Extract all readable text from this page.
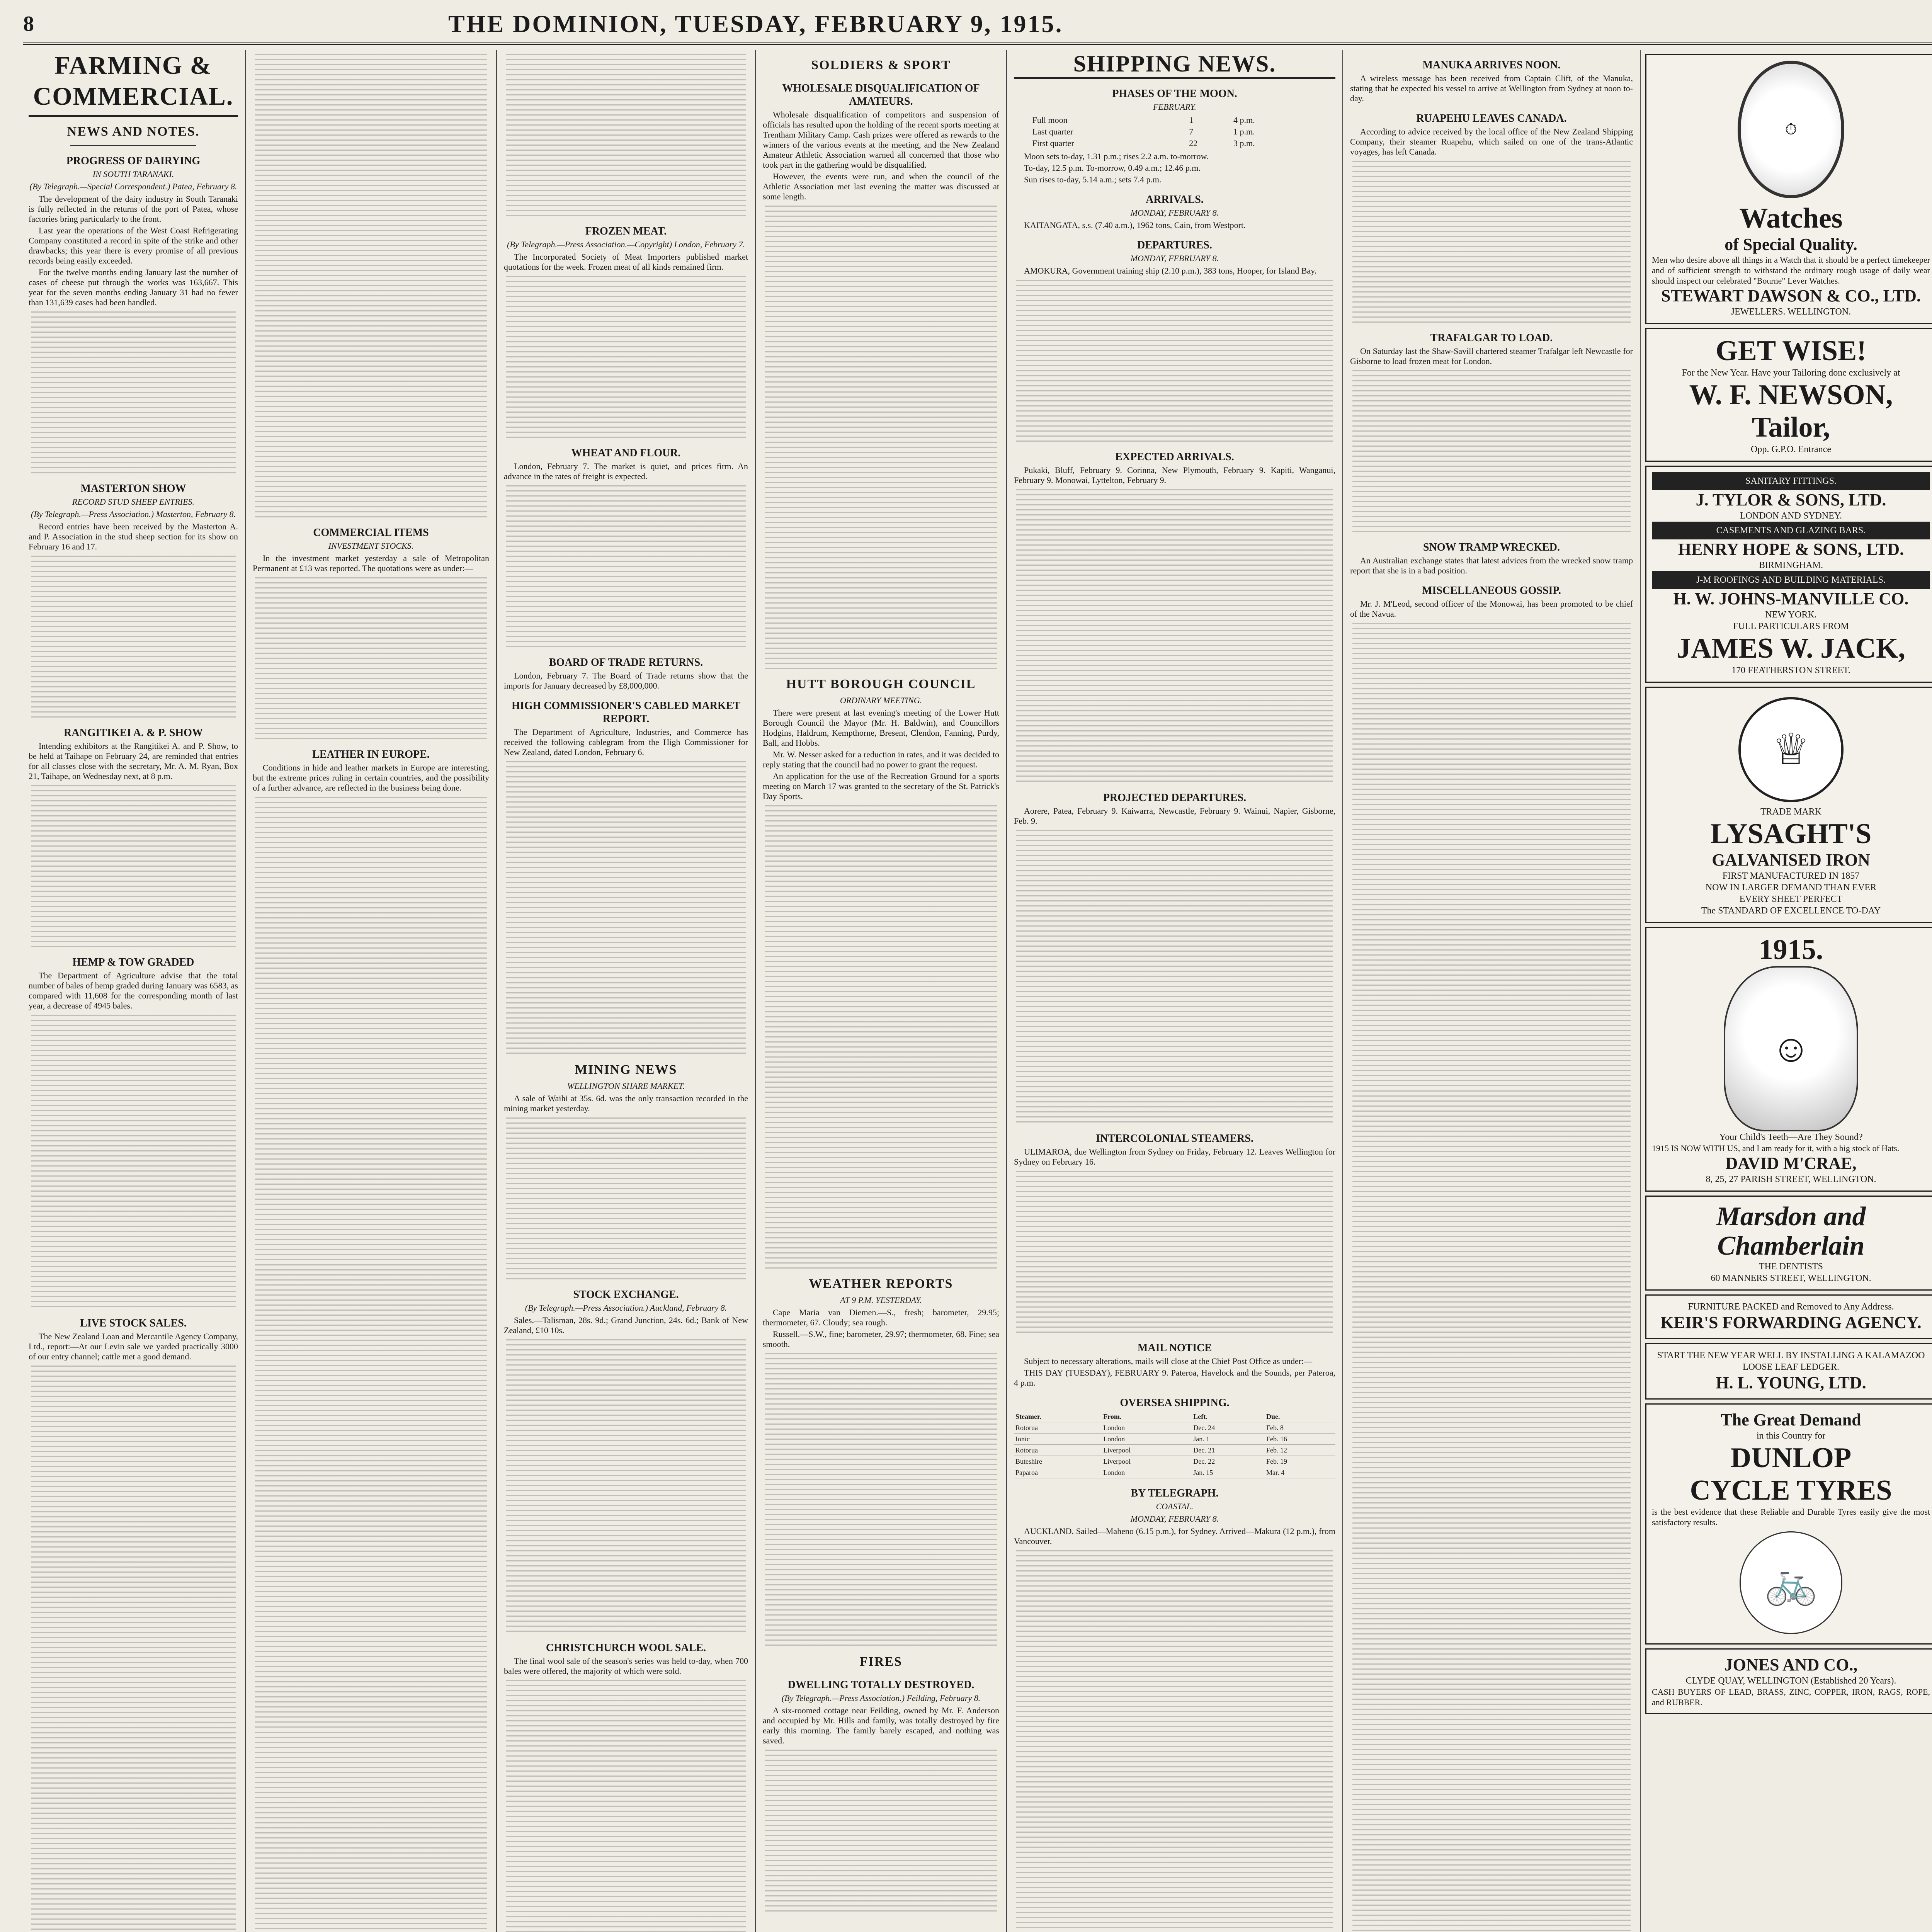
8	THE DOMINION, TUESDAY, FEBRUARY 9, 1915.
FARMING & COMMERCIAL.
NEWS AND NOTES.
PROGRESS OF DAIRYING
IN SOUTH TARANAKI.
(By Telegraph.—Special Correspondent.) Patea, February 8.

The development of the dairy industry in South Taranaki is fully reflected in the returns of the port of Patea, whose factories bring particularly to the front.

Last year the operations of the West Coast Refrigerating Company constituted a record in spite of the strike and other drawbacks; this year there is every promise of all previous records being easily exceeded.

For the twelve months ending January last the number of cases of cheese put through the works was 163,667. This year for the seven months ending January 31 had no fewer than 131,639 cases had been handled.

MASTERTON SHOW
RECORD STUD SHEEP ENTRIES.
(By Telegraph.—Press Association.) Masterton, February 8.

Record entries have been received by the Masterton A. and P. Association in the stud sheep section for its show on February 16 and 17.

RANGITIKEI A. & P. SHOW

Intending exhibitors at the Rangitikei A. and P. Show, to be held at Taihape on February 24, are reminded that entries for all classes close with the secretary, Mr. A. M. Ryan, Box 21, Taihape, on Wednesday next, at 8 p.m.

HEMP & TOW GRADED

The Department of Agriculture advise that the total number of bales of hemp graded during January was 6583, as compared with 11,608 for the corresponding month of last year, a decrease of 4945 bales.

LIVE STOCK SALES.

The New Zealand Loan and Mercantile Agency Company, Ltd., report:—At our Levin sale we yarded practically 3000 of our entry channel; cattle met a good demand.

COMMERCIAL ITEMS
INVESTMENT STOCKS.

In the investment market yesterday a sale of Metropolitan Permanent at £13 was reported. The quotations were as under:—

LEATHER IN EUROPE.

Conditions in hide and leather markets in Europe are interesting, but the extreme prices ruling in certain countries, and the possibility of a further advance, are reflected in the business being done.

FROZEN MEAT.
(By Telegraph.—Press Association.—Copyright) London, February 7.

The Incorporated Society of Meat Importers published market quotations for the week. Frozen meat of all kinds remained firm.

WHEAT AND FLOUR.

London, February 7. The market is quiet, and prices firm. An advance in the rates of freight is expected.

BOARD OF TRADE RETURNS.

London, February 7. The Board of Trade returns show that the imports for January decreased by £8,000,000.

HIGH COMMISSIONER'S CABLED MARKET REPORT.

The Department of Agriculture, Industries, and Commerce has received the following cablegram from the High Commissioner for New Zealand, dated London, February 6.

MINING NEWS
WELLINGTON SHARE MARKET.

A sale of Waihi at 35s. 6d. was the only transaction recorded in the mining market yesterday.

STOCK EXCHANGE.
(By Telegraph.—Press Association.) Auckland, February 8.

Sales.—Talisman, 28s. 9d.; Grand Junction, 24s. 6d.; Bank of New Zealand, £10 10s.

CHRISTCHURCH WOOL SALE.

The final wool sale of the season's series was held to-day, when 700 bales were offered, the majority of which were sold.

SOLDIERS & SPORT
WHOLESALE DISQUALIFICATION OF AMATEURS.

Wholesale disqualification of competitors and suspension of officials has resulted upon the holding of the recent sports meeting at Trentham Military Camp. Cash prizes were offered as rewards to the winners of the various events at the meeting, and the New Zealand Amateur Athletic Association warned all concerned that those who took part in the gathering would be disqualified.

However, the events were run, and when the council of the Athletic Association met last evening the matter was discussed at some length.

HUTT BOROUGH COUNCIL
ORDINARY MEETING.

There were present at last evening's meeting of the Lower Hutt Borough Council the Mayor (Mr. H. Baldwin), and Councillors Hodgins, Haldrum, Kempthorne, Bresent, Clendon, Fanning, Purdy, Ball, and Hobbs.

Mr. W. Nesser asked for a reduction in rates, and it was decided to reply stating that the council had no power to grant the request.

An application for the use of the Recreation Ground for a sports meeting on March 17 was granted to the secretary of the St. Patrick's Day Sports.

WEATHER REPORTS
AT 9 P.M. YESTERDAY.

Cape Maria van Diemen.—S., fresh; barometer, 29.95; thermometer, 67. Cloudy; sea rough.

Russell.—S.W., fine; barometer, 29.97; thermometer, 68. Fine; sea smooth.

FIRES
DWELLING TOTALLY DESTROYED.
(By Telegraph.—Press Association.) Feilding, February 8.

A six-roomed cottage near Feilding, owned by Mr. F. Anderson and occupied by Mr. Hills and family, was totally destroyed by fire early this morning. The family barely escaped, and nothing was saved.

SHIPPING NEWS.
PHASES OF THE MOON.
FEBRUARY.
Full moon	1	4 p.m.
Last quarter	7	1 p.m.
First quarter	22	3 p.m.

Moon sets to-day, 1.31 p.m.; rises 2.2 a.m. to-morrow.

To-day, 12.5 p.m. To-morrow, 0.49 a.m.; 12.46 p.m.

Sun rises to-day, 5.14 a.m.; sets 7.4 p.m.

ARRIVALS.
MONDAY, FEBRUARY 8.

KAITANGATA, s.s. (7.40 a.m.), 1962 tons, Cain, from Westport.

DEPARTURES.
MONDAY, FEBRUARY 8.

AMOKURA, Government training ship (2.10 p.m.), 383 tons, Hooper, for Island Bay.

EXPECTED ARRIVALS.

Pukaki, Bluff, February 9. Corinna, New Plymouth, February 9. Kapiti, Wanganui, February 9. Monowai, Lyttelton, February 9.

PROJECTED DEPARTURES.

Aorere, Patea, February 9. Kaiwarra, Newcastle, February 9. Wainui, Napier, Gisborne, Feb. 9.

INTERCOLONIAL STEAMERS.

ULIMAROA, due Wellington from Sydney on Friday, February 12. Leaves Wellington for Sydney on February 16.

MAIL NOTICE

Subject to necessary alterations, mails will close at the Chief Post Office as under:—

THIS DAY (TUESDAY), FEBRUARY 9. Pateroa, Havelock and the Sounds, per Pateroa, 4 p.m.

OVERSEA SHIPPING.
Steamer.	From.	Left.	Due.
Rotorua	London	Dec. 24	Feb. 8
Ionic	London	Jan. 1	Feb. 16
Rotorua	Liverpool	Dec. 21	Feb. 12
Buteshire	Liverpool	Dec. 22	Feb. 19
Paparoa	London	Jan. 15	Mar. 4
BY TELEGRAPH.
COASTAL.
MONDAY, FEBRUARY 8.

AUCKLAND. Sailed—Maheno (6.15 p.m.), for Sydney. Arrived—Makura (12 p.m.), from Vancouver.

MANUKA ARRIVES NOON.

A wireless message has been received from Captain Clift, of the Manuka, stating that he expected his vessel to arrive at Wellington from Sydney at noon to-day.

RUAPEHU LEAVES CANADA.

According to advice received by the local office of the New Zealand Shipping Company, their steamer Ruapehu, which sailed on one of the trans-Atlantic voyages, has left Canada.

TRAFALGAR TO LOAD.

On Saturday last the Shaw-Savill chartered steamer Trafalgar left Newcastle for Gisborne to load frozen meat for London.

SNOW TRAMP WRECKED.

An Australian exchange states that latest advices from the wrecked snow tramp report that she is in a bad position.

MISCELLANEOUS GOSSIP.

Mr. J. M'Leod, second officer of the Monowai, has been promoted to be chief of the Navua.

⏱
Watches
of Special Quality.
Men who desire above all things in a Watch that it should be a perfect timekeeper and of sufficient strength to withstand the ordinary rough usage of daily wear should inspect our celebrated "Bourne" Lever Watches.
STEWART DAWSON & CO., LTD.
JEWELLERS. WELLINGTON.
GET WISE!
For the New Year. Have your Tailoring done exclusively at
W. F. NEWSON, Tailor,
Opp. G.P.O. Entrance
SANITARY FITTINGS.
J. TYLOR & SONS, LTD.
LONDON AND SYDNEY.
CASEMENTS AND GLAZING BARS.
HENRY HOPE & SONS, LTD.
BIRMINGHAM.
J-M ROOFINGS AND BUILDING MATERIALS.
H. W. JOHNS-MANVILLE CO.
NEW YORK.
FULL PARTICULARS FROM
JAMES W. JACK,
170 FEATHERSTON STREET.
♕
TRADE MARK
LYSAGHT'S
GALVANISED IRON
FIRST MANUFACTURED IN 1857
NOW IN LARGER DEMAND THAN EVER
EVERY SHEET PERFECT
The STANDARD OF EXCELLENCE TO-DAY
1915.
☺
Your Child's Teeth—Are They Sound?
1915 IS NOW WITH US, and I am ready for it, with a big stock of Hats.
DAVID M'CRAE,
8, 25, 27 PARISH STREET, WELLINGTON.
Marsdon and Chamberlain
THE DENTISTS
60 MANNERS STREET, WELLINGTON.
FURNITURE PACKED and Removed to Any Address.
KEIR'S FORWARDING AGENCY.
START THE NEW YEAR WELL BY INSTALLING A KALAMAZOO LOOSE LEAF LEDGER.
H. L. YOUNG, LTD.
The Great Demand
in this Country for
DUNLOP
CYCLE TYRES
is the best evidence that these Reliable and Durable Tyres easily give the most satisfactory results.
🚲
JONES AND CO.,
CLYDE QUAY, WELLINGTON (Established 20 Years).
CASH BUYERS OF LEAD, BRASS, ZINC, COPPER, IRON, RAGS, ROPE, and RUBBER.
